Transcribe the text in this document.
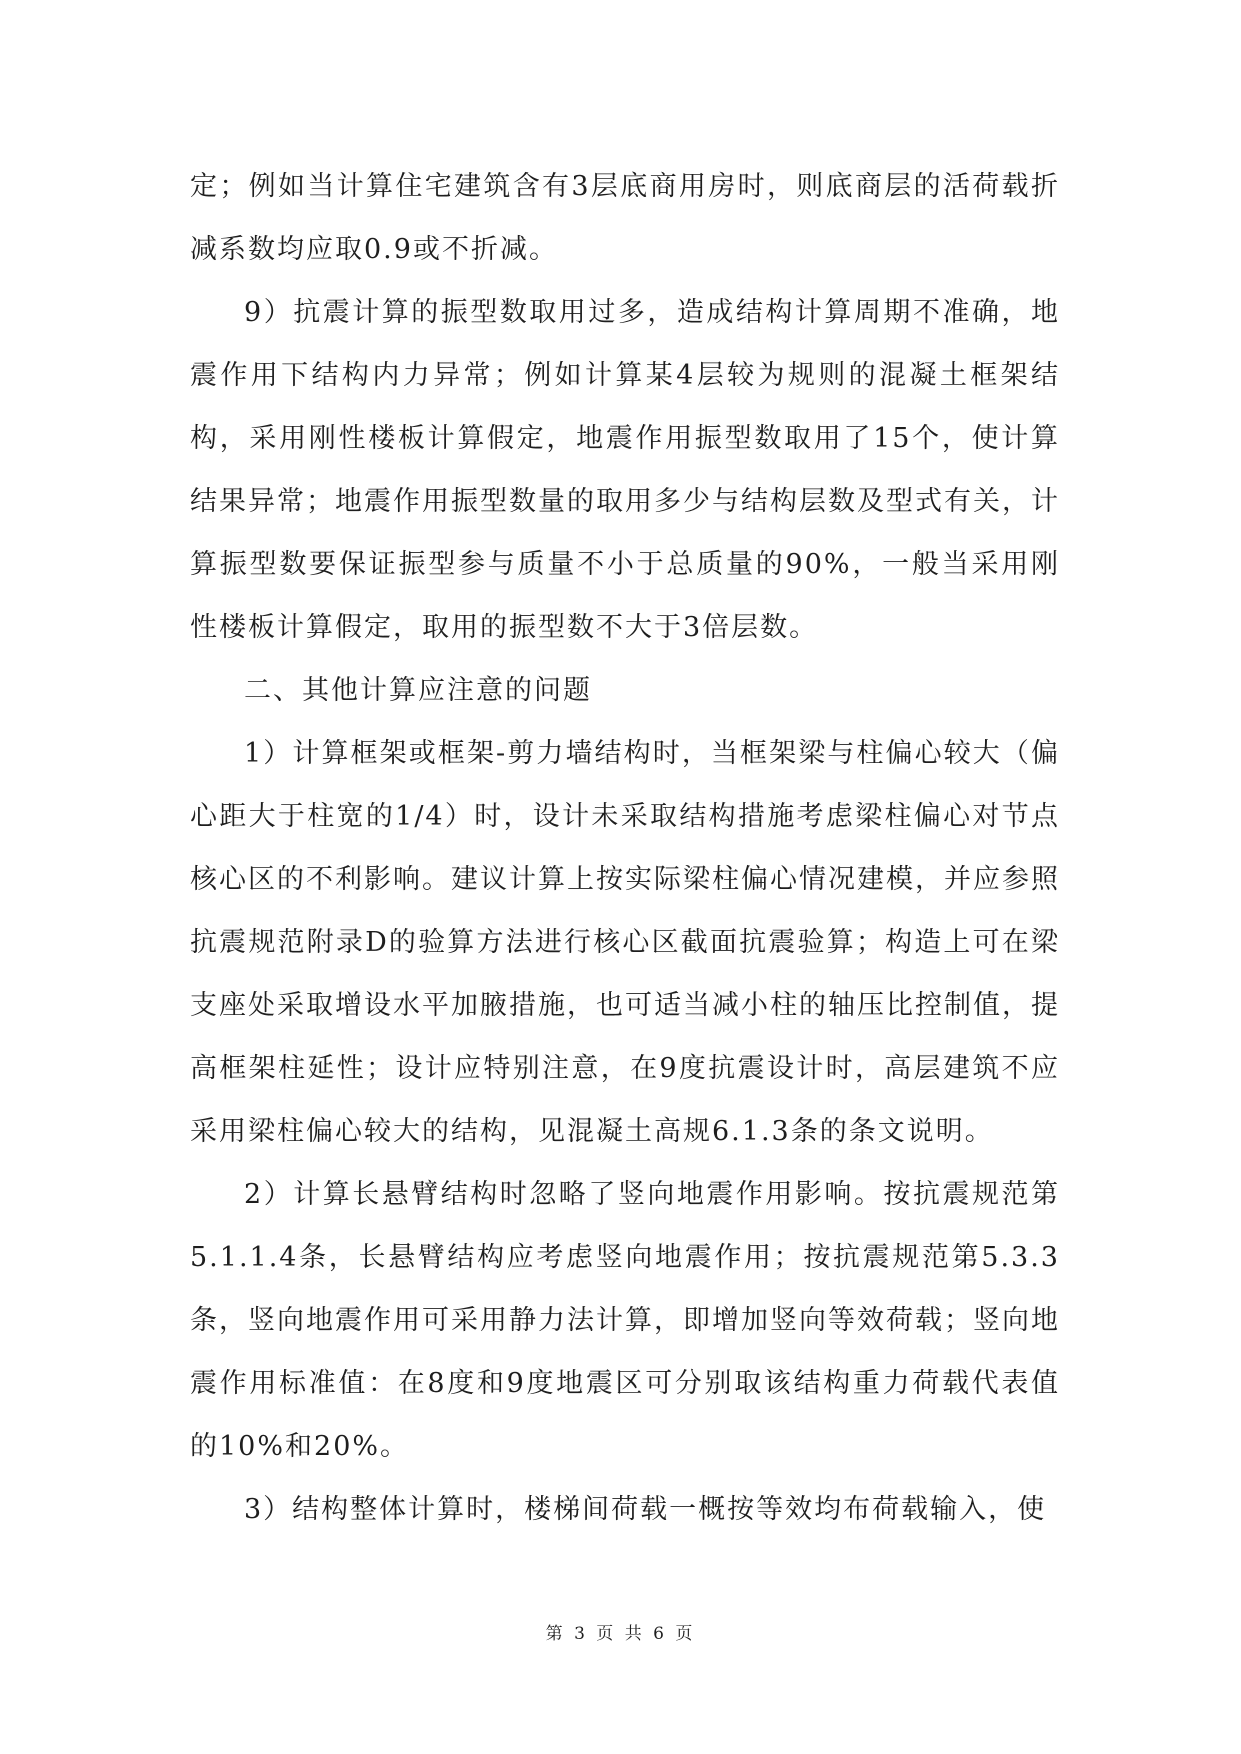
定；例如当计算住宅建筑含有3层底商用房时，则底商层的活荷载折减系数均应取0.9或不折减。

9）抗震计算的振型数取用过多，造成结构计算周期不准确，地震作用下结构内力异常；例如计算某4层较为规则的混凝土框架结构，采用刚性楼板计算假定，地震作用振型数取用了15个，使计算结果异常；地震作用振型数量的取用多少与结构层数及型式有关，计算振型数要保证振型参与质量不小于总质量的90%，一般当采用刚性楼板计算假定，取用的振型数不大于3倍层数。

二、其他计算应注意的问题

1）计算框架或框架-剪力墙结构时，当框架梁与柱偏心较大（偏心距大于柱宽的1/4）时，设计未采取结构措施考虑梁柱偏心对节点核心区的不利影响。建议计算上按实际梁柱偏心情况建模，并应参照抗震规范附录D的验算方法进行核心区截面抗震验算；构造上可在梁支座处采取增设水平加腋措施，也可适当减小柱的轴压比控制值，提高框架柱延性；设计应特别注意，在9度抗震设计时，高层建筑不应采用梁柱偏心较大的结构，见混凝土高规6.1.3条的条文说明。

2）计算长悬臂结构时忽略了竖向地震作用影响。按抗震规范第5.1.1.4条，长悬臂结构应考虑竖向地震作用；按抗震规范第5.3.3条，竖向地震作用可采用静力法计算，即增加竖向等效荷载；竖向地震作用标准值：在8度和9度地震区可分别取该结构重力荷载代表值的10%和20%。

3）结构整体计算时，楼梯间荷载一概按等效均布荷载输入，使

第 3 页 共 6 页
